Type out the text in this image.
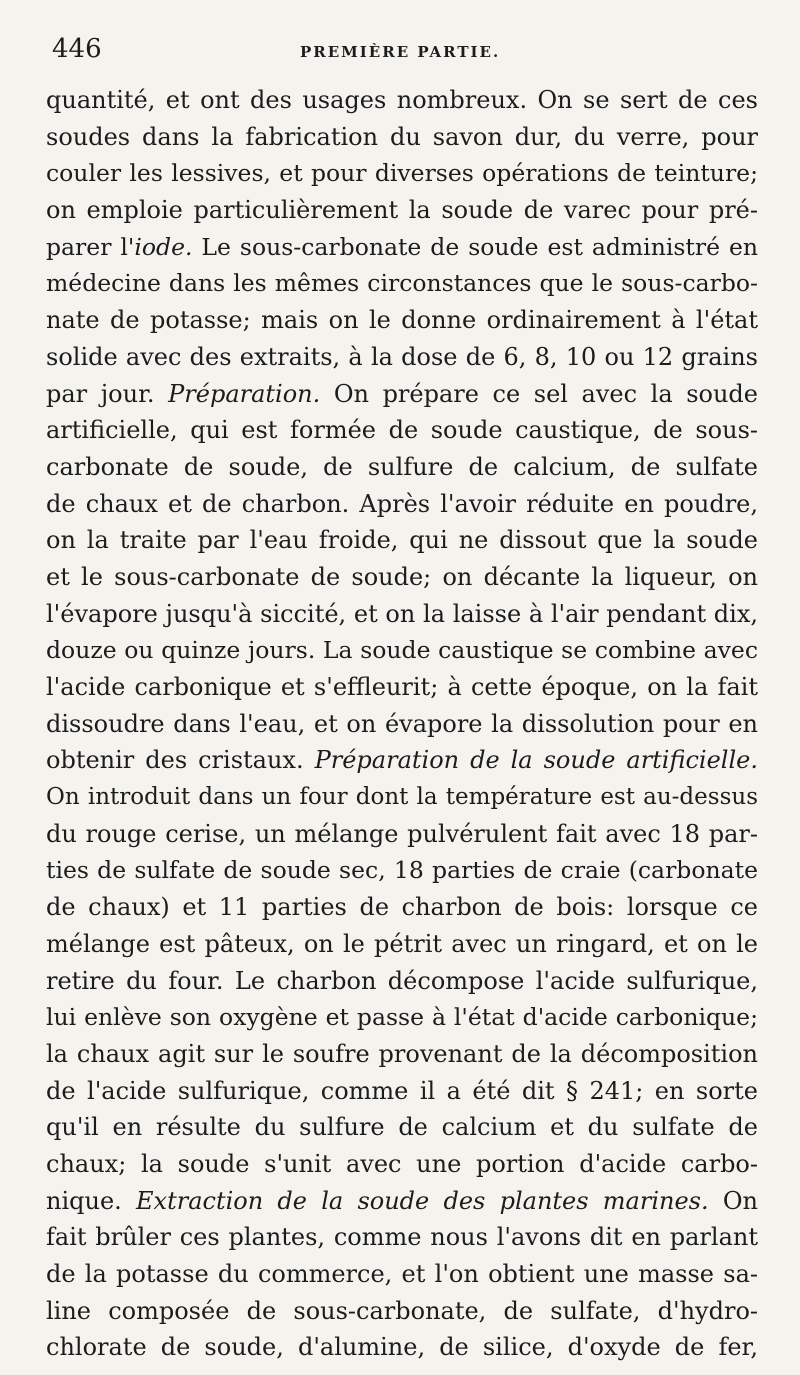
446	PREMIÈRE PARTIE.
quantité, et ont des usages nombreux. On se sert de ces
soudes dans la fabrication du savon dur, du verre, pour
couler les lessives, et pour diverses opérations de teinture;
on emploie particulièrement la soude de varec pour pré-
parer l'iode. Le sous-carbonate de soude est administré en
médecine dans les mêmes circonstances que le sous-carbo-
nate de potasse; mais on le donne ordinairement à l'état
solide avec des extraits, à la dose de 6, 8, 10 ou 12 grains
par jour. Préparation. On prépare ce sel avec la soude
artificielle, qui est formée de soude caustique, de sous-
carbonate de soude, de sulfure de calcium, de sulfate
de chaux et de charbon. Après l'avoir réduite en poudre,
on la traite par l'eau froide, qui ne dissout que la soude
et le sous-carbonate de soude; on décante la liqueur, on
l'évapore jusqu'à siccité, et on la laisse à l'air pendant dix,
douze ou quinze jours. La soude caustique se combine avec
l'acide carbonique et s'effleurit; à cette époque, on la fait
dissoudre dans l'eau, et on évapore la dissolution pour en
obtenir des cristaux. Préparation de la soude artificielle.
On introduit dans un four dont la température est au-dessus
du rouge cerise, un mélange pulvérulent fait avec 18 par-
ties de sulfate de soude sec, 18 parties de craie (carbonate
de chaux) et 11 parties de charbon de bois: lorsque ce
mélange est pâteux, on le pétrit avec un ringard, et on le
retire du four. Le charbon décompose l'acide sulfurique,
lui enlève son oxygène et passe à l'état d'acide carbonique;
la chaux agit sur le soufre provenant de la décomposition
de l'acide sulfurique, comme il a été dit § 241; en sorte
qu'il en résulte du sulfure de calcium et du sulfate de
chaux; la soude s'unit avec une portion d'acide carbo-
nique. Extraction de la soude des plantes marines. On
fait brûler ces plantes, comme nous l'avons dit en parlant
de la potasse du commerce, et l'on obtient une masse sa-
line composée de sous-carbonate, de sulfate, d'hydro-
chlorate de soude, d'alumine, de silice, d'oxyde de fer,
